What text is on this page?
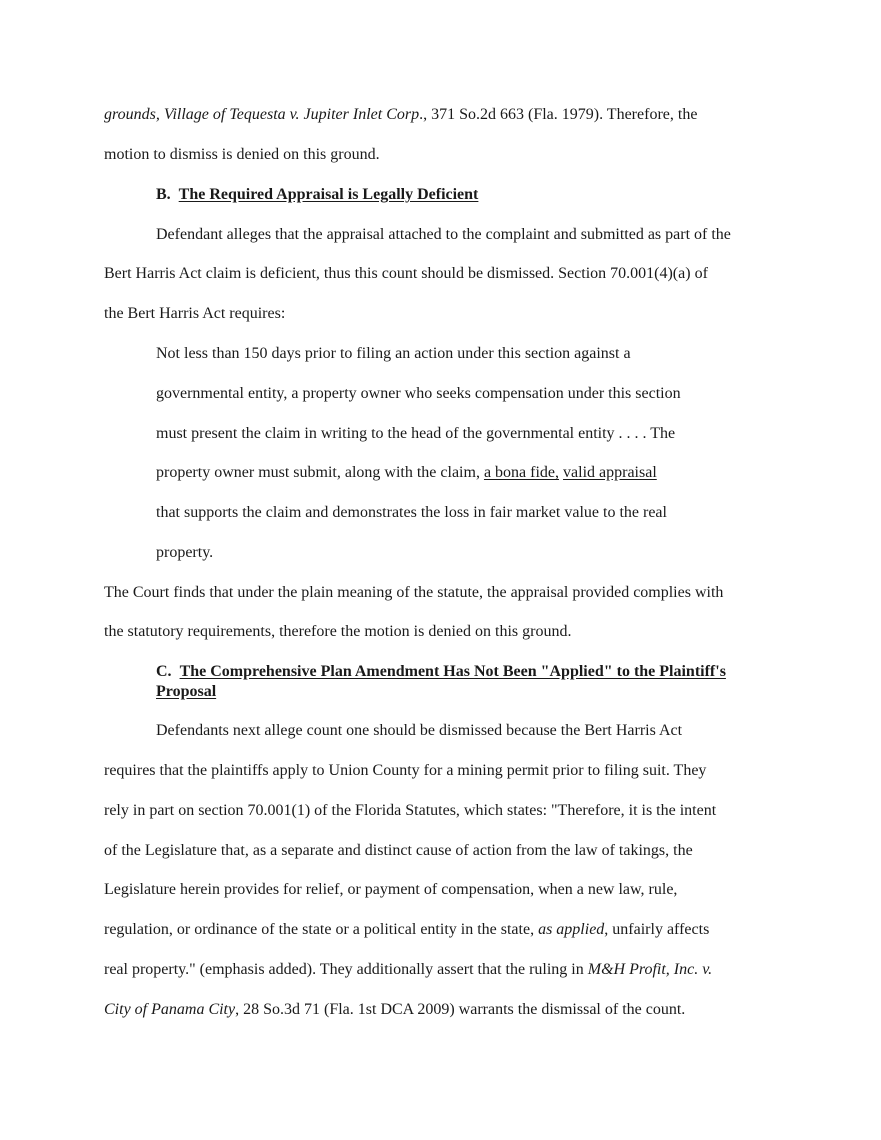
grounds, Village of Tequesta v. Jupiter Inlet Corp., 371 So.2d 663 (Fla. 1979). Therefore, the

motion to dismiss is denied on this ground.

B. The Required Appraisal is Legally Deficient

Defendant alleges that the appraisal attached to the complaint and submitted as part of the

Bert Harris Act claim is deficient, thus this count should be dismissed. Section 70.001(4)(a) of

the Bert Harris Act requires:

Not less than 150 days prior to filing an action under this section against a

governmental entity, a property owner who seeks compensation under this section

must present the claim in writing to the head of the governmental entity . . . . The

property owner must submit, along with the claim, a bona fide, valid appraisal

that supports the claim and demonstrates the loss in fair market value to the real

property.

The Court finds that under the plain meaning of the statute, the appraisal provided complies with

the statutory requirements, therefore the motion is denied on this ground.

C. The Comprehensive Plan Amendment Has Not Been "Applied" to the Plaintiff's

Proposal

Defendants next allege count one should be dismissed because the Bert Harris Act

requires that the plaintiffs apply to Union County for a mining permit prior to filing suit. They

rely in part on section 70.001(1) of the Florida Statutes, which states: "Therefore, it is the intent

of the Legislature that, as a separate and distinct cause of action from the law of takings, the

Legislature herein provides for relief, or payment of compensation, when a new law, rule,

regulation, or ordinance of the state or a political entity in the state, as applied, unfairly affects

real property." (emphasis added). They additionally assert that the ruling in M&H Profit, Inc. v.

City of Panama City, 28 So.3d 71 (Fla. 1st DCA 2009) warrants the dismissal of the count.
